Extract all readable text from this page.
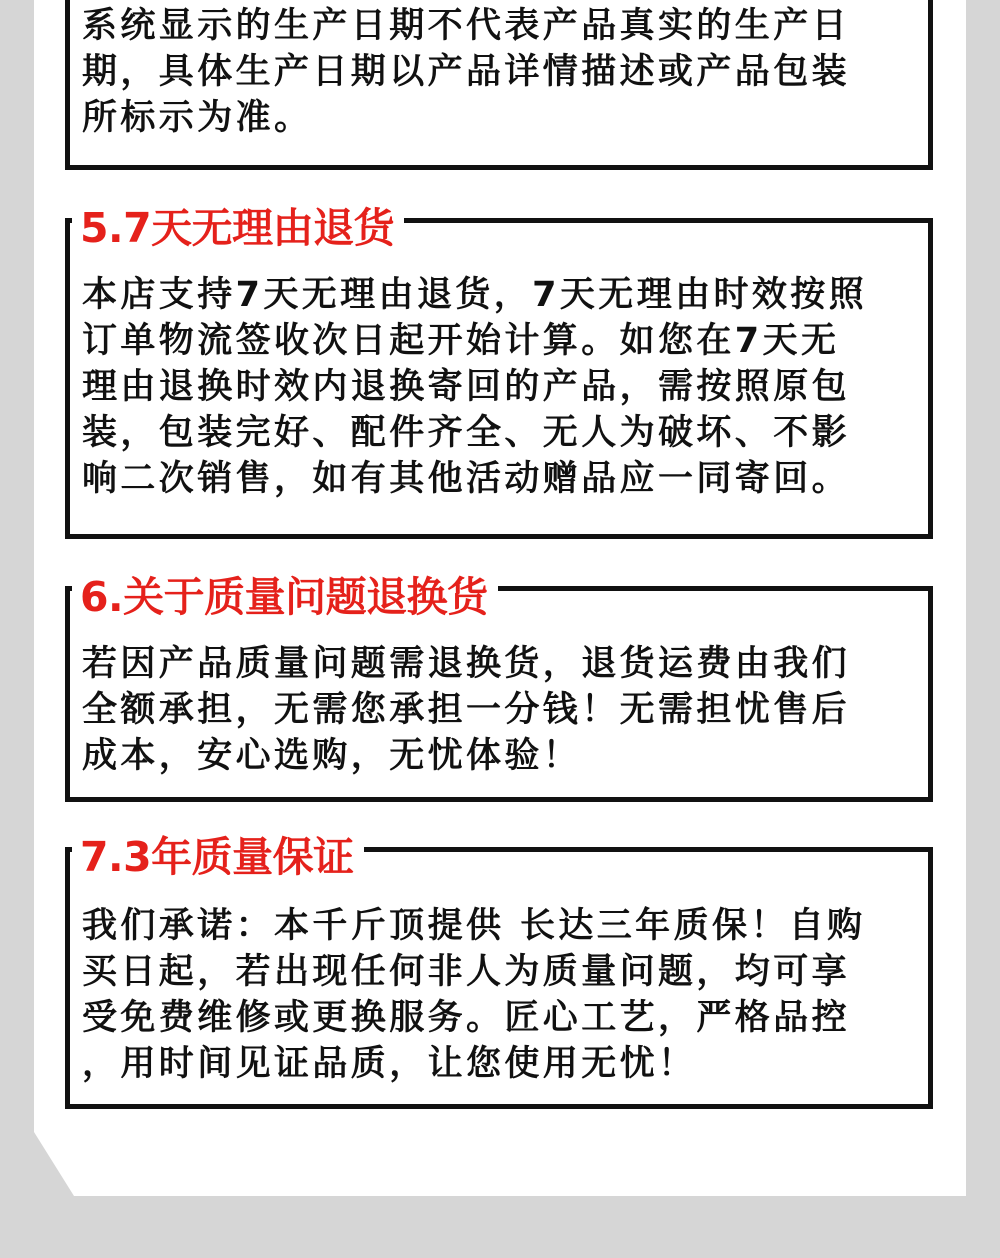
系统显示的生产日期不代表产品真实的生产日
期，具体生产日期以产品详情描述或产品包装
所标示为准。
本店支持7天无理由退货，7天无理由时效按照
订单物流签收次日起开始计算。如您在7天无
理由退换时效内退换寄回的产品，需按照原包
装，包装完好、配件齐全、无人为破坏、不影
响二次销售，如有其他活动赠品应一同寄回。
5.7天无理由退货
若因产品质量问题需退换货，退货运费由我们
全额承担，无需您承担一分钱！无需担忧售后
成本，安心选购，无忧体验！
6.关于质量问题退换货
我们承诺：本千斤顶提供 长达三年质保！自购
买日起，若出现任何非人为质量问题，均可享
受免费维修或更换服务。匠心工艺，严格品控
，用时间见证品质，让您使用无忧！
7.3年质量保证
